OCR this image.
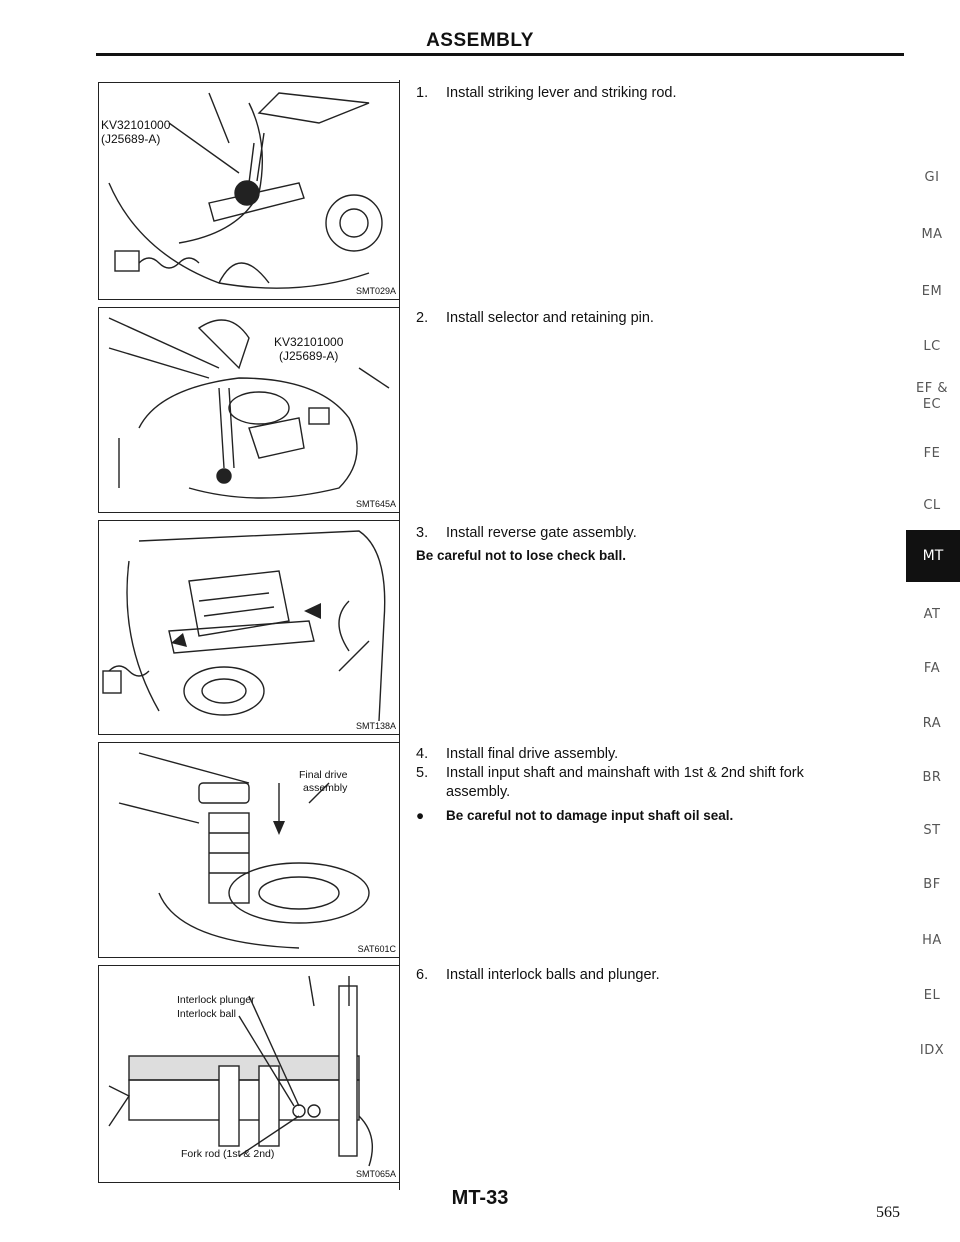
ASSEMBLY
KV32101000
(J25689-A)
SMT029A
KV32101000
(J25689-A)
SMT645A
SMT138A
Final drive
assembly
SAT601C
Interlock plunger
Interlock ball
Fork rod (1st & 2nd)
SMT065A
1. Install striking lever and striking rod.
2. Install selector and retaining pin.
3. Install reverse gate assembly.
Be careful not to lose check ball.
4. Install final drive assembly.
5. Install input shaft and mainshaft with 1st & 2nd shift fork
assembly.
● Be careful not to damage input shaft oil seal.
6. Install interlock balls and plunger.
GI
MA
EM
LC
EF &
EC
FE
CL
MT
AT
FA
RA
BR
ST
BF
HA
EL
IDX
MT-33
565
